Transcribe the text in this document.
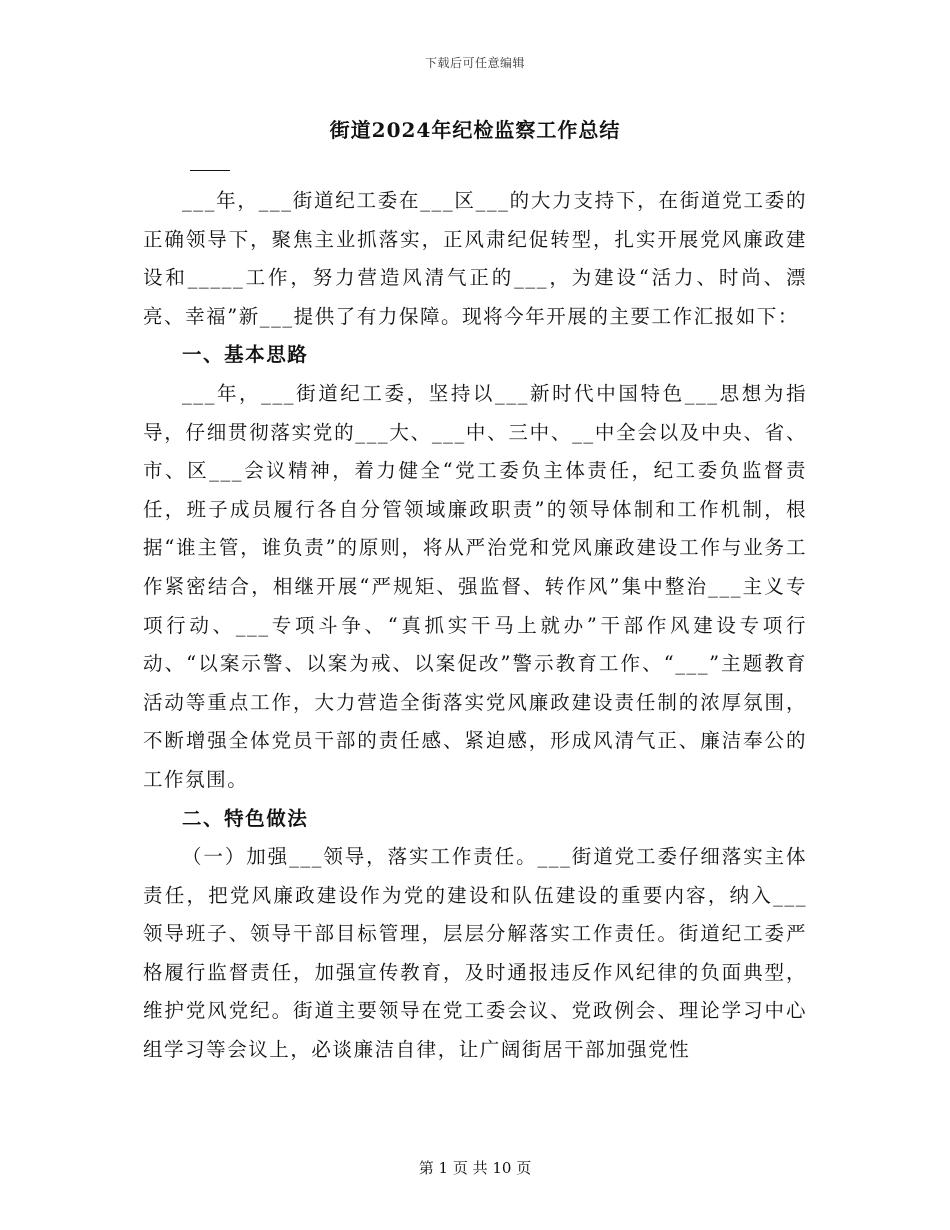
下载后可任意编辑
街道2024年纪检监察工作总结

___年，___街道纪工委在___区___的大力支持下，在街道党工委的正确领导下，聚焦主业抓落实，正风肃纪促转型，扎实开展党风廉政建设和_____工作，努力营造风清气正的___，为建设“活力、时尚、漂亮、幸福”新___提供了有力保障。现将今年开展的主要工作汇报如下：

一、基本思路

___年，___街道纪工委，坚持以___新时代中国特色___思想为指导，仔细贯彻落实党的___大、___中、三中、__中全会以及中央、省、市、区___会议精神，着力健全“党工委负主体责任，纪工委负监督责任，班子成员履行各自分管领域廉政职责”的领导体制和工作机制，根据“谁主管，谁负责”的原则，将从严治党和党风廉政建设工作与业务工作紧密结合，相继开展“严规矩、强监督、转作风”集中整治___主义专项行动、___专项斗争、“真抓实干马上就办”干部作风建设专项行动、“以案示警、以案为戒、以案促改”警示教育工作、“___”主题教育活动等重点工作，大力营造全街落实党风廉政建设责任制的浓厚氛围，不断增强全体党员干部的责任感、紧迫感，形成风清气正、廉洁奉公的工作氛围。

二、特色做法

（一）加强___领导，落实工作责任。___街道党工委仔细落实主体责任，把党风廉政建设作为党的建设和队伍建设的重要内容，纳入___领导班子、领导干部目标管理，层层分解落实工作责任。街道纪工委严格履行监督责任，加强宣传教育，及时通报违反作风纪律的负面典型，维护党风党纪。街道主要领导在党工委会议、党政例会、理论学习中心组学习等会议上，必谈廉洁自律，让广阔街居干部加强党性

第 1 页 共 10 页
